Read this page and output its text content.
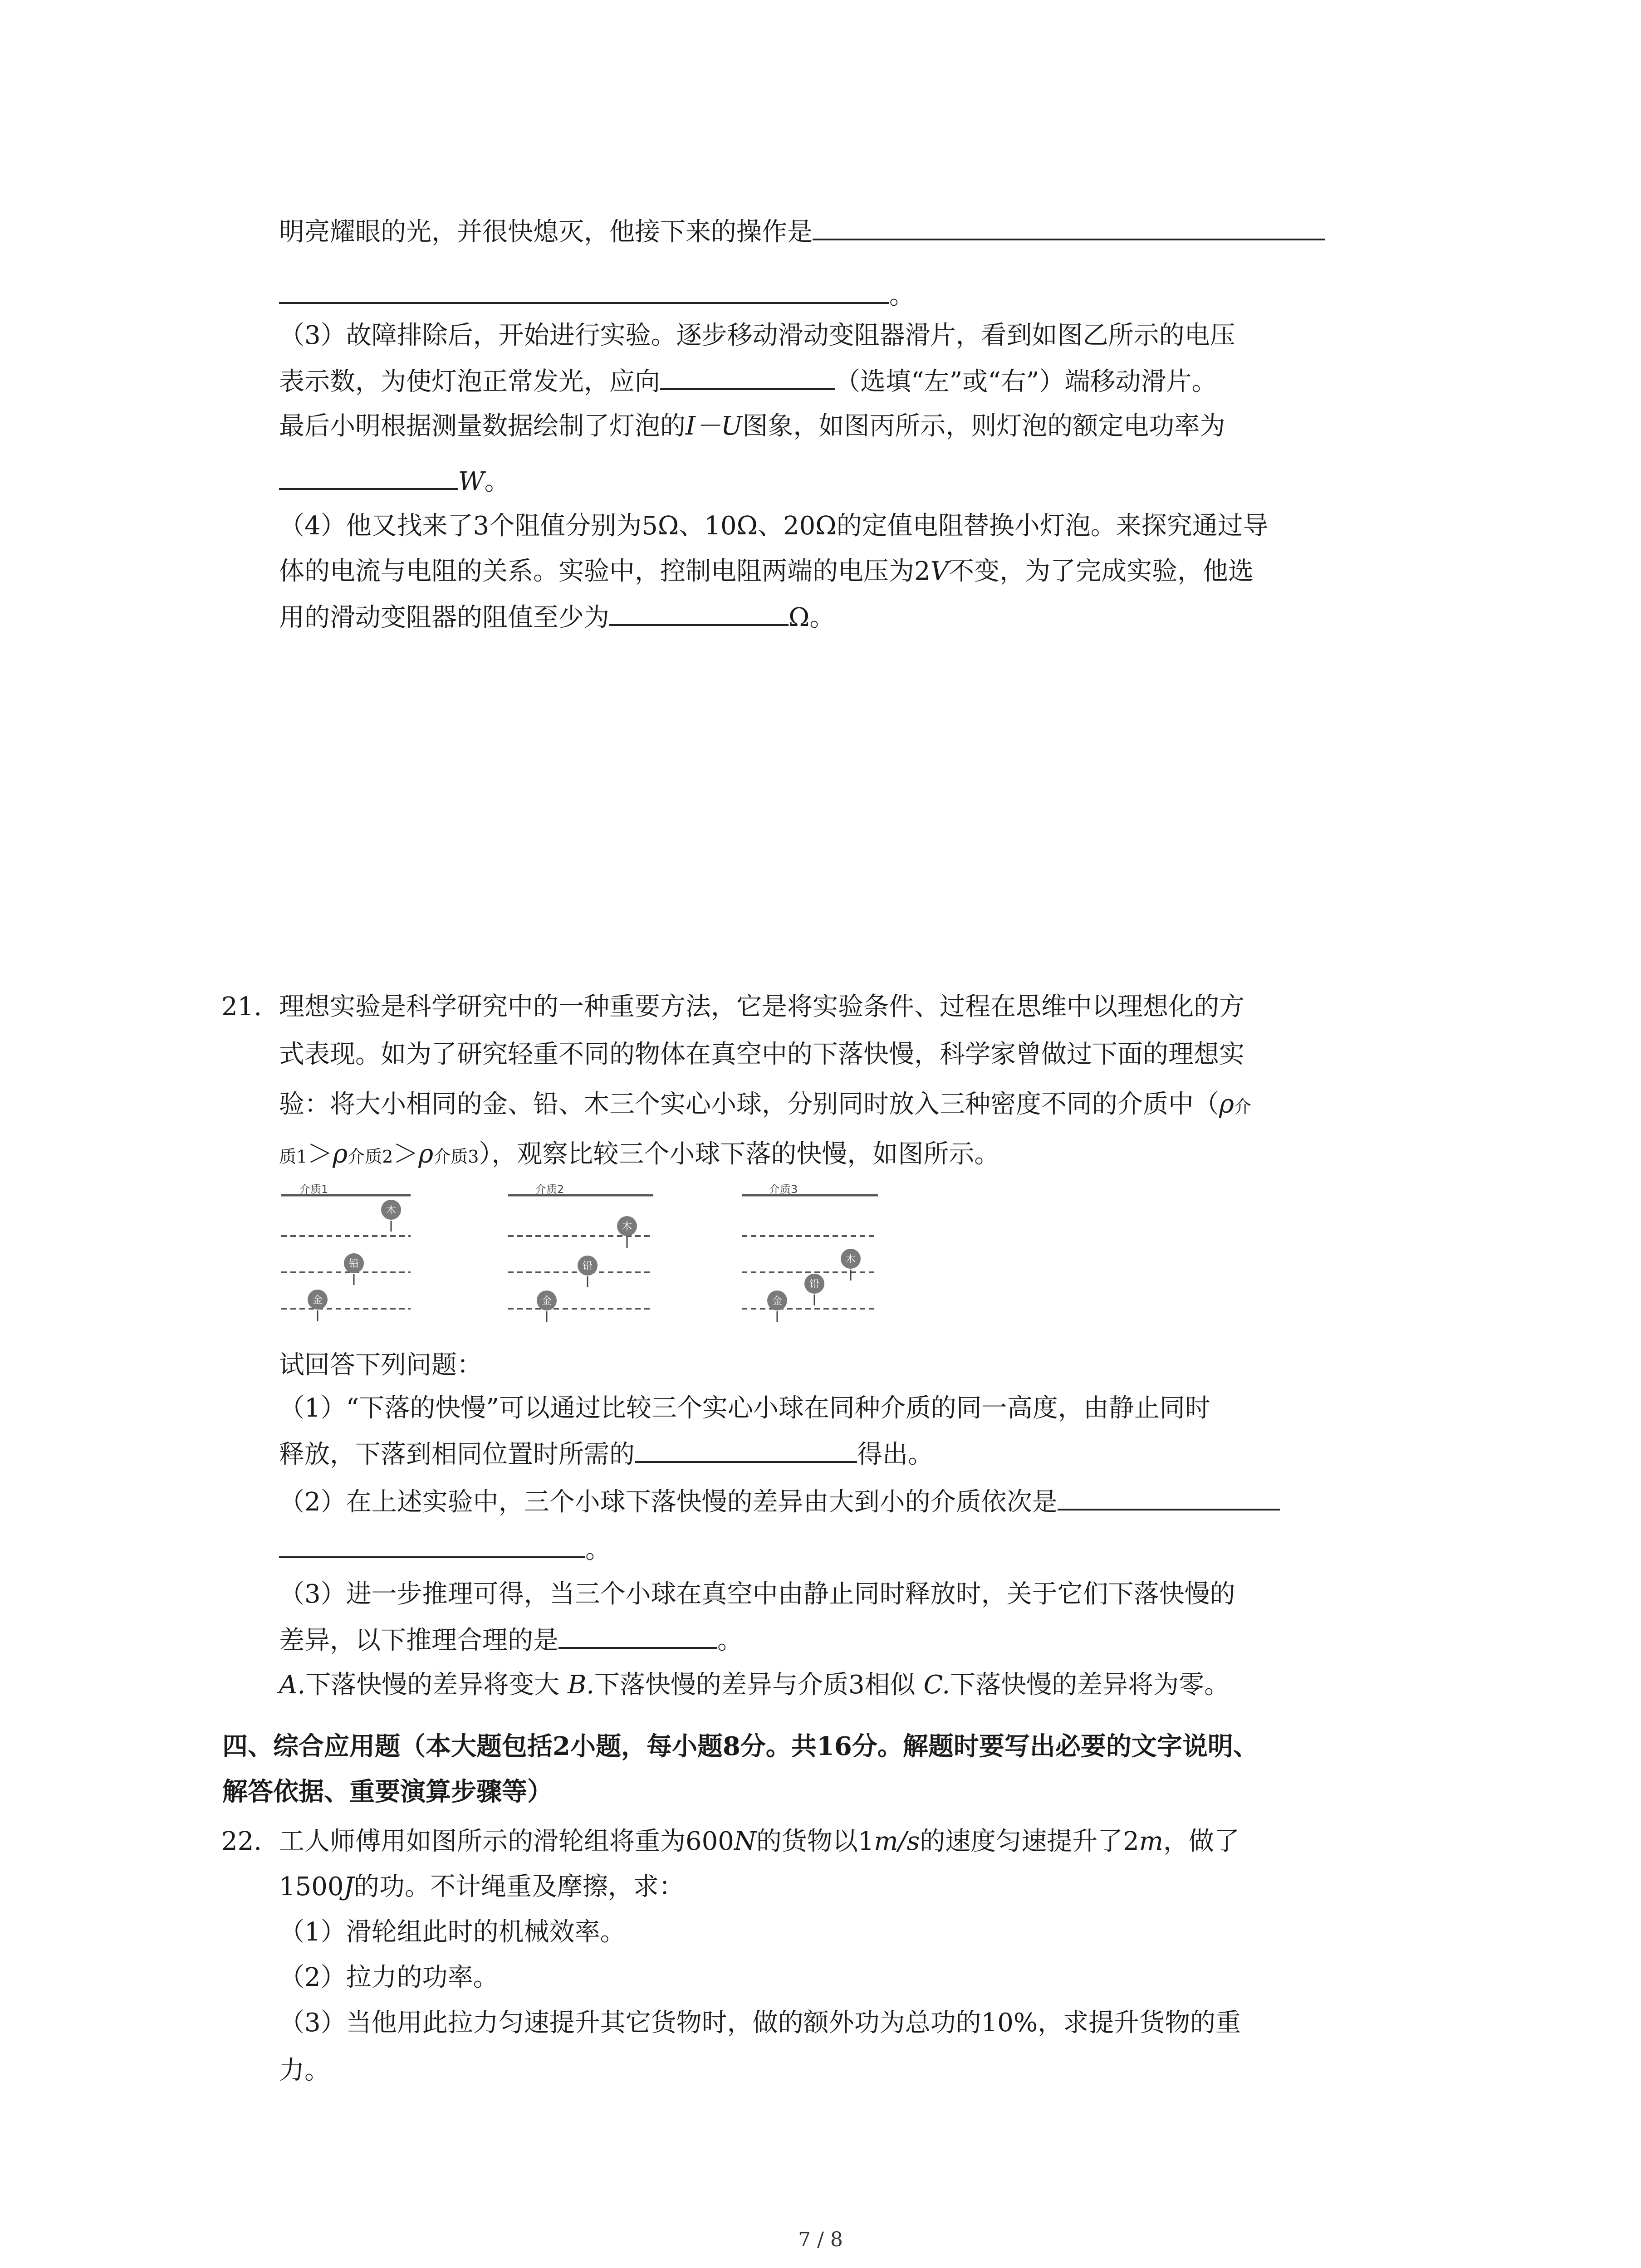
明亮耀眼的光，并很快熄灭，他接下来的操作是
。
（3）故障排除后，开始进行实验。逐步移动滑动变阻器滑片，看到如图乙所示的电压
表示数，为使灯泡正常发光，应向	（选填“左”或“右”）端移动滑片。
最后小明根据测量数据绘制了灯泡的I－U图象，如图丙所示，则灯泡的额定电功率为
W。
（4）他又找来了3个阻值分别为5Ω、10Ω、20Ω的定值电阻替换小灯泡。来探究通过导
体的电流与电阻的关系。实验中，控制电阻两端的电压为2V不变，为了完成实验，他选
用的滑动变阻器的阻值至少为	Ω。
21. 理想实验是科学研究中的一种重要方法，它是将实验条件、过程在思维中以理想化的方
式表现。如为了研究轻重不同的物体在真空中的下落快慢，科学家曾做过下面的理想实
验：将大小相同的金、铅、木三个实心小球，分别同时放入三种密度不同的介质中（ρ介
质1＞ρ介质2＞ρ介质3），观察比较三个小球下落的快慢，如图所示。
介质1
木
铅
金
介质2
木
铅
金
介质3
木
铅
金
试回答下列问题：
（1）“下落的快慢”可以通过比较三个实心小球在同种介质的同一高度，由静止同时
释放，下落到相同位置时所需的	得出。
（2）在上述实验中，三个小球下落快慢的差异由大到小的介质依次是
。
（3）进一步推理可得，当三个小球在真空中由静止同时释放时，关于它们下落快慢的
差异，以下推理合理的是	。
A.下落快慢的差异将变大 B.下落快慢的差异与介质3相似 C.下落快慢的差异将为零。
四、综合应用题（本大题包括2小题，每小题8分。共16分。解题时要写出必要的文字说明、
解答依据、重要演算步骤等）
22. 工人师傅用如图所示的滑轮组将重为600N的货物以1m/s的速度匀速提升了2m，做了
1500J的功。不计绳重及摩擦，求：
（1）滑轮组此时的机械效率。
（2）拉力的功率。
（3）当他用此拉力匀速提升其它货物时，做的额外功为总功的10%，求提升货物的重
力。
7 / 8
